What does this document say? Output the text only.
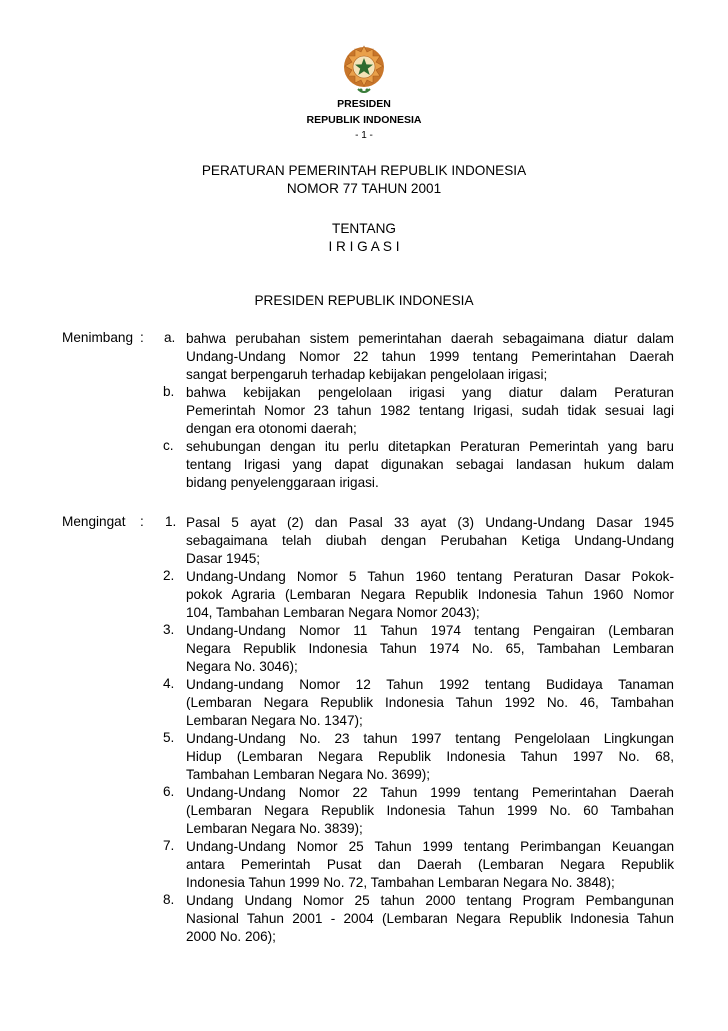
PRESIDEN
REPUBLIK INDONESIA
- 1 -
PERATURAN PEMERINTAH REPUBLIK INDONESIA
NOMOR 77 TAHUN 2001
TENTANG
I R I G A S I
PRESIDEN REPUBLIK INDONESIA
Menimbang : a. bahwa perubahan sistem pemerintahan daerah sebagaimana diatur dalam
Undang-Undang Nomor 22 tahun 1999 tentang Pemerintahan Daerah
sangat berpengaruh terhadap kebijakan pengelolaan irigasi;
b. bahwa kebijakan pengelolaan irigasi yang diatur dalam Peraturan
Pemerintah Nomor 23 tahun 1982 tentang Irigasi, sudah tidak sesuai lagi
dengan era otonomi daerah;
c. sehubungan dengan itu perlu ditetapkan Peraturan Pemerintah yang baru
tentang Irigasi yang dapat digunakan sebagai landasan hukum dalam
bidang penyelenggaraan irigasi.
Mengingat : 1. Pasal 5 ayat (2) dan Pasal 33 ayat (3) Undang-Undang Dasar 1945
sebagaimana telah diubah dengan Perubahan Ketiga Undang-Undang
Dasar 1945;
2. Undang-Undang Nomor 5 Tahun 1960 tentang Peraturan Dasar Pokok-
pokok Agraria (Lembaran Negara Republik Indonesia Tahun 1960 Nomor
104, Tambahan Lembaran Negara Nomor 2043);
3. Undang-Undang Nomor 11 Tahun 1974 tentang Pengairan (Lembaran
Negara Republik Indonesia Tahun 1974 No. 65, Tambahan Lembaran
Negara No. 3046);
4. Undang-undang Nomor 12 Tahun 1992 tentang Budidaya Tanaman
(Lembaran Negara Republik Indonesia Tahun 1992 No. 46, Tambahan
Lembaran Negara No. 1347);
5. Undang-Undang No. 23 tahun 1997 tentang Pengelolaan Lingkungan
Hidup (Lembaran Negara Republik Indonesia Tahun 1997 No. 68,
Tambahan Lembaran Negara No. 3699);
6. Undang-Undang Nomor 22 Tahun 1999 tentang Pemerintahan Daerah
(Lembaran Negara Republik Indonesia Tahun 1999 No. 60 Tambahan
Lembaran Negara No. 3839);
7. Undang-Undang Nomor 25 Tahun 1999 tentang Perimbangan Keuangan
antara Pemerintah Pusat dan Daerah (Lembaran Negara Republik
Indonesia Tahun 1999 No. 72, Tambahan Lembaran Negara No. 3848);
8. Undang Undang Nomor 25 tahun 2000 tentang Program Pembangunan
Nasional Tahun 2001 - 2004 (Lembaran Negara Republik Indonesia Tahun
2000 No. 206);
